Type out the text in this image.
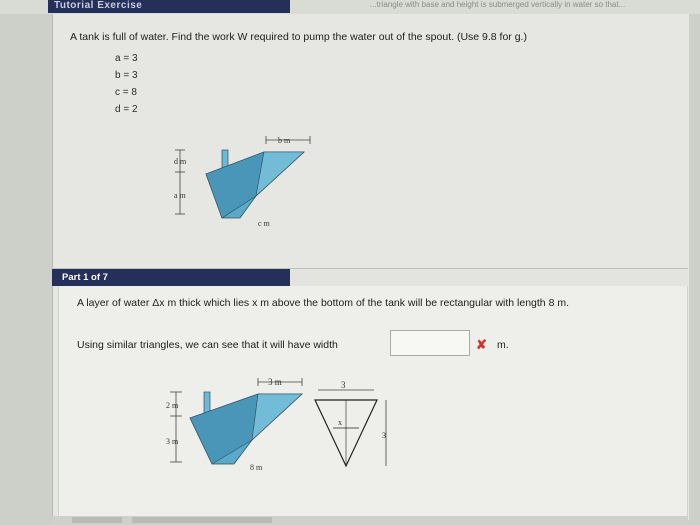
Tutorial Exercise	...triangle with base and height is submerged vertically in water so that...
A tank is full of water. Find the work W required to pump the water out of the spout. (Use 9.8 for g.)
a = 3
b = 3
c = 8
d = 2
b m
d m
a m
c m
Part 1 of 7
A layer of water Δx m thick which lies x m above the bottom of the tank will be rectangular with length 8 m.
Using similar triangles, we can see that it will have width	✘ m.
3 m
2 m
3 m
8 m
3
x
3
